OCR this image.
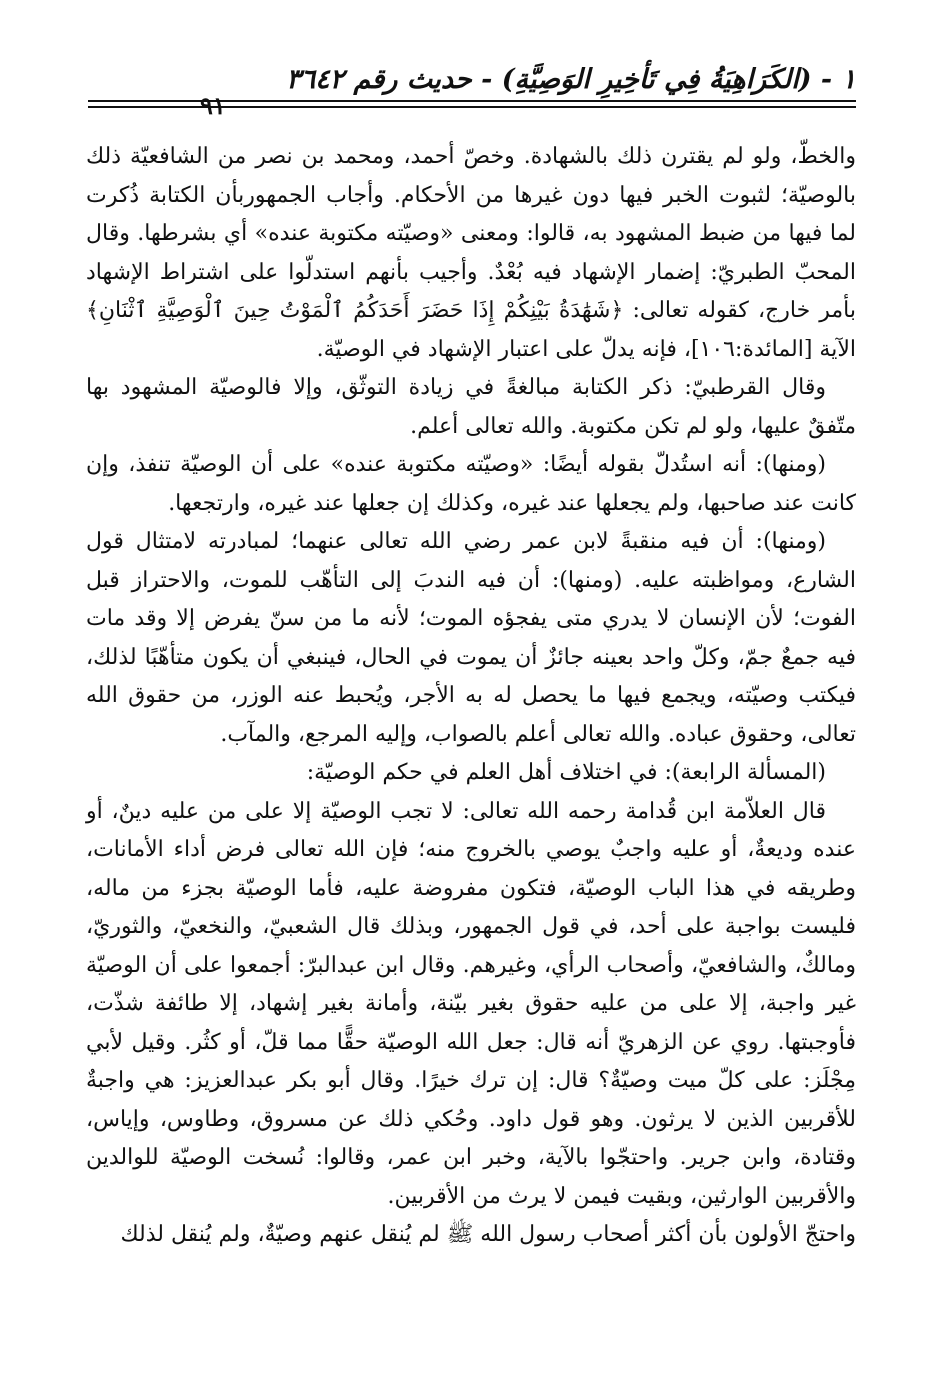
١ - (الكَرَاهِيَةُ فِي تَأخِيرِ الوَصِيَّةِ) - حديث رقم ٣٦٤٢
٩١

والخطّ، ولو لم يقترن ذلك بالشهادة. وخصّ أحمد، ومحمد بن نصر من الشافعيّة ذلك بالوصيّة؛ لثبوت الخبر فيها دون غيرها من الأحكام. وأجاب الجمهوربأن الكتابة ذُكرت لما فيها من ضبط المشهود به، قالوا: ومعنى «وصيّته مكتوبة عنده» أي بشرطها. وقال المحبّ الطبريّ: إضمار الإشهاد فيه بُعْدٌ. وأجيب بأنهم استدلّوا على اشتراط الإشهاد بأمر خارج، كقوله تعالى: ﴿شَهَٰدَةُ بَيْنِكُمْ إِذَا حَضَرَ أَحَدَكُمُ ٱلْمَوْتُ حِينَ ٱلْوَصِيَّةِ ٱثْنَانِ﴾ الآية [المائدة:١٠٦]، فإنه يدلّ على اعتبار الإشهاد في الوصيّة.

وقال القرطبيّ: ذكر الكتابة مبالغةً في زيادة التوثّق، وإلا فالوصيّة المشهود بها متّفقٌ عليها، ولو لم تكن مكتوبة. والله تعالى أعلم.

(ومنها): أنه استُدلّ بقوله أيضًا: «وصيّته مكتوبة عنده» على أن الوصيّة تنفذ، وإن كانت عند صاحبها، ولم يجعلها عند غيره، وكذلك إن جعلها عند غيره، وارتجعها.

(ومنها): أن فيه منقبةً لابن عمر رضي الله تعالى عنهما؛ لمبادرته لامتثال قول الشارع، ومواظبته عليه. (ومنها): أن فيه الندبَ إلى التأهّب للموت، والاحتراز قبل الفوت؛ لأن الإنسان لا يدري متى يفجؤه الموت؛ لأنه ما من سنّ يفرض إلا وقد مات فيه جمعٌ جمّ، وكلّ واحد بعينه جائزٌ أن يموت في الحال، فينبغي أن يكون متأهّبًا لذلك، فيكتب وصيّته، ويجمع فيها ما يحصل له به الأجر، ويُحبط عنه الوزر، من حقوق الله تعالى، وحقوق عباده. والله تعالى أعلم بالصواب، وإليه المرجع، والمآب.

(المسألة الرابعة): في اختلاف أهل العلم في حكم الوصيّة:

قال العلاّمة ابن قُدامة رحمه الله تعالى: لا تجب الوصيّة إلا على من عليه دينٌ، أو عنده وديعةٌ، أو عليه واجبٌ يوصي بالخروج منه؛ فإن الله تعالى فرض أداء الأمانات، وطريقه في هذا الباب الوصيّة، فتكون مفروضة عليه، فأما الوصيّة بجزء من ماله، فليست بواجبة على أحد، في قول الجمهور، وبذلك قال الشعبيّ، والنخعيّ، والثوريّ، ومالكٌ، والشافعيّ، وأصحاب الرأي، وغيرهم. وقال ابن عبدالبرّ: أجمعوا على أن الوصيّة غير واجبة، إلا على من عليه حقوق بغير بيّنة، وأمانة بغير إشهاد، إلا طائفة شذّت، فأوجبتها. روي عن الزهريّ أنه قال: جعل الله الوصيّة حقًّا مما قلّ، أو كثُر. وقيل لأبي مِجْلَز: على كلّ ميت وصيّةٌ؟ قال: إن ترك خيرًا. وقال أبو بكر عبدالعزيز: هي واجبةٌ للأقربين الذين لا يرثون. وهو قول داود. وحُكي ذلك عن مسروق، وطاوس، وإياس، وقتادة، وابن جرير. واحتجّوا بالآية، وخبر ابن عمر، وقالوا: نُسخت الوصيّة للوالدين والأقربين الوارثين، وبقيت فيمن لا يرث من الأقربين.

واحتجّ الأولون بأن أكثر أصحاب رسول الله ﷺ لم يُنقل عنهم وصيّةٌ، ولم يُنقل لذلك
